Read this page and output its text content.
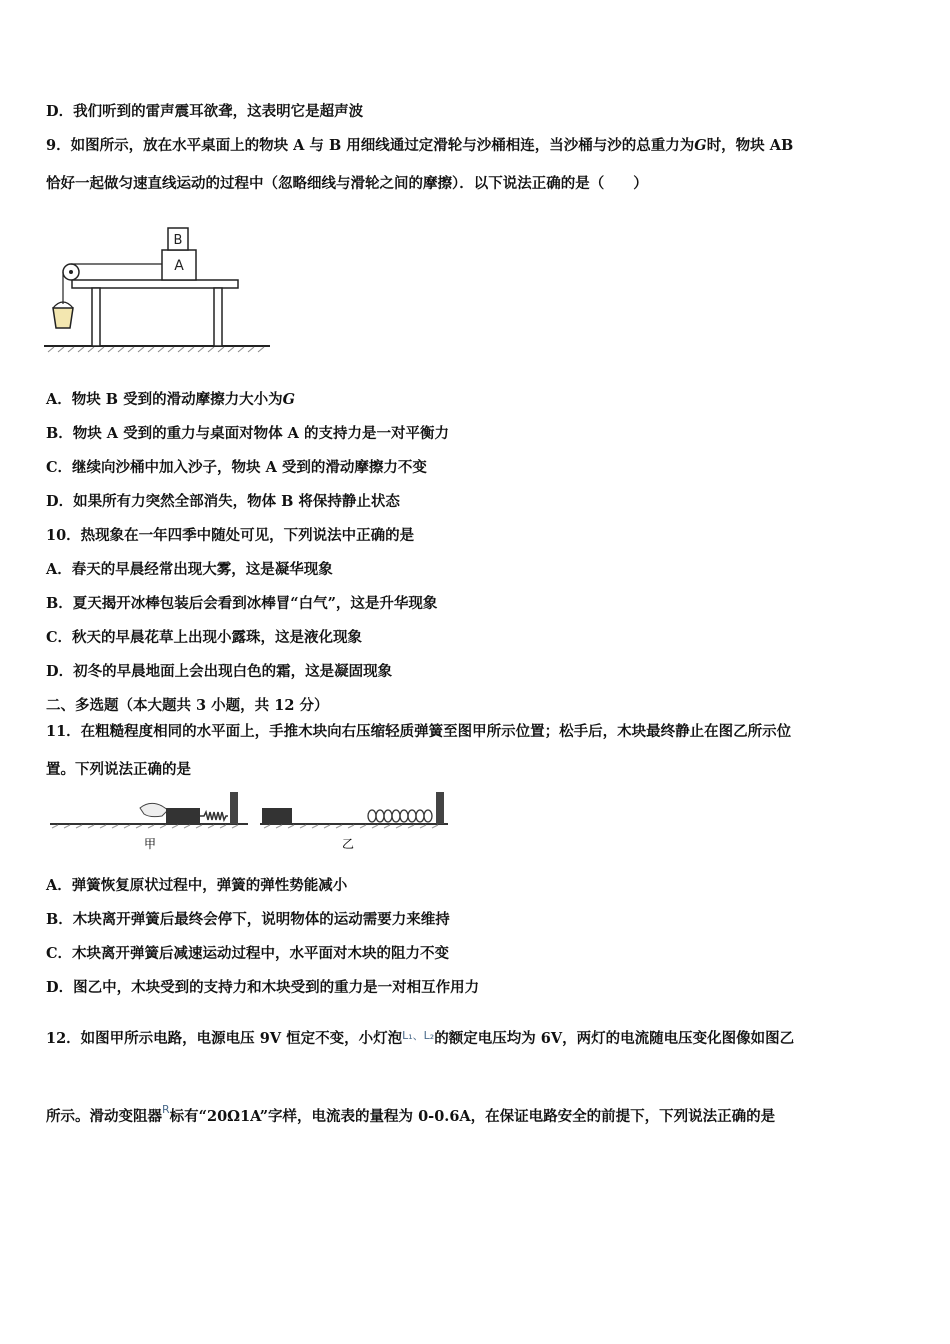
D．我们听到的雷声震耳欲聋，这表明它是超声波
9．如图所示，放在水平桌面上的物块 A 与 B 用细线通过定滑轮与沙桶相连，当沙桶与沙的总重力为G时，物块 AB
恰好一起做匀速直线运动的过程中（忽略细线与滑轮之间的摩擦）．以下说法正确的是（　　）
A
B
A．物块 B 受到的滑动摩擦力大小为G
B．物块 A 受到的重力与桌面对物体 A 的支持力是一对平衡力
C．继续向沙桶中加入沙子，物块 A 受到的滑动摩擦力不变
D．如果所有力突然全部消失，物体 B 将保持静止状态
10．热现象在一年四季中随处可见，下列说法中正确的是
A．春天的早晨经常出现大雾，这是凝华现象
B．夏天揭开冰棒包装后会看到冰棒冒“白气”，这是升华现象
C．秋天的早晨花草上出现小露珠，这是液化现象
D．初冬的早晨地面上会出现白色的霜，这是凝固现象
二、多选题（本大题共 3 小题，共 12 分）
11．在粗糙程度相同的水平面上，手推木块向右压缩轻质弹簧至图甲所示位置；松手后，木块最终静止在图乙所示位
置。下列说法正确的是
甲	乙
A．弹簧恢复原状过程中，弹簧的弹性势能减小
B．木块离开弹簧后最终会停下，说明物体的运动需要力来维持
C．木块离开弹簧后减速运动过程中，水平面对木块的阻力不变
D．图乙中，木块受到的支持力和木块受到的重力是一对相互作用力
12．如图甲所示电路，电源电压 9V 恒定不变，小灯泡$^{L_1、L_2}$的额定电压均为 6V，两灯的电流随电压变化图像如图乙
所示。滑动变阻器$^R$标有“20Ω1A”字样，电流表的量程为 0-0.6A，在保证电路安全的前提下，下列说法正确的是
